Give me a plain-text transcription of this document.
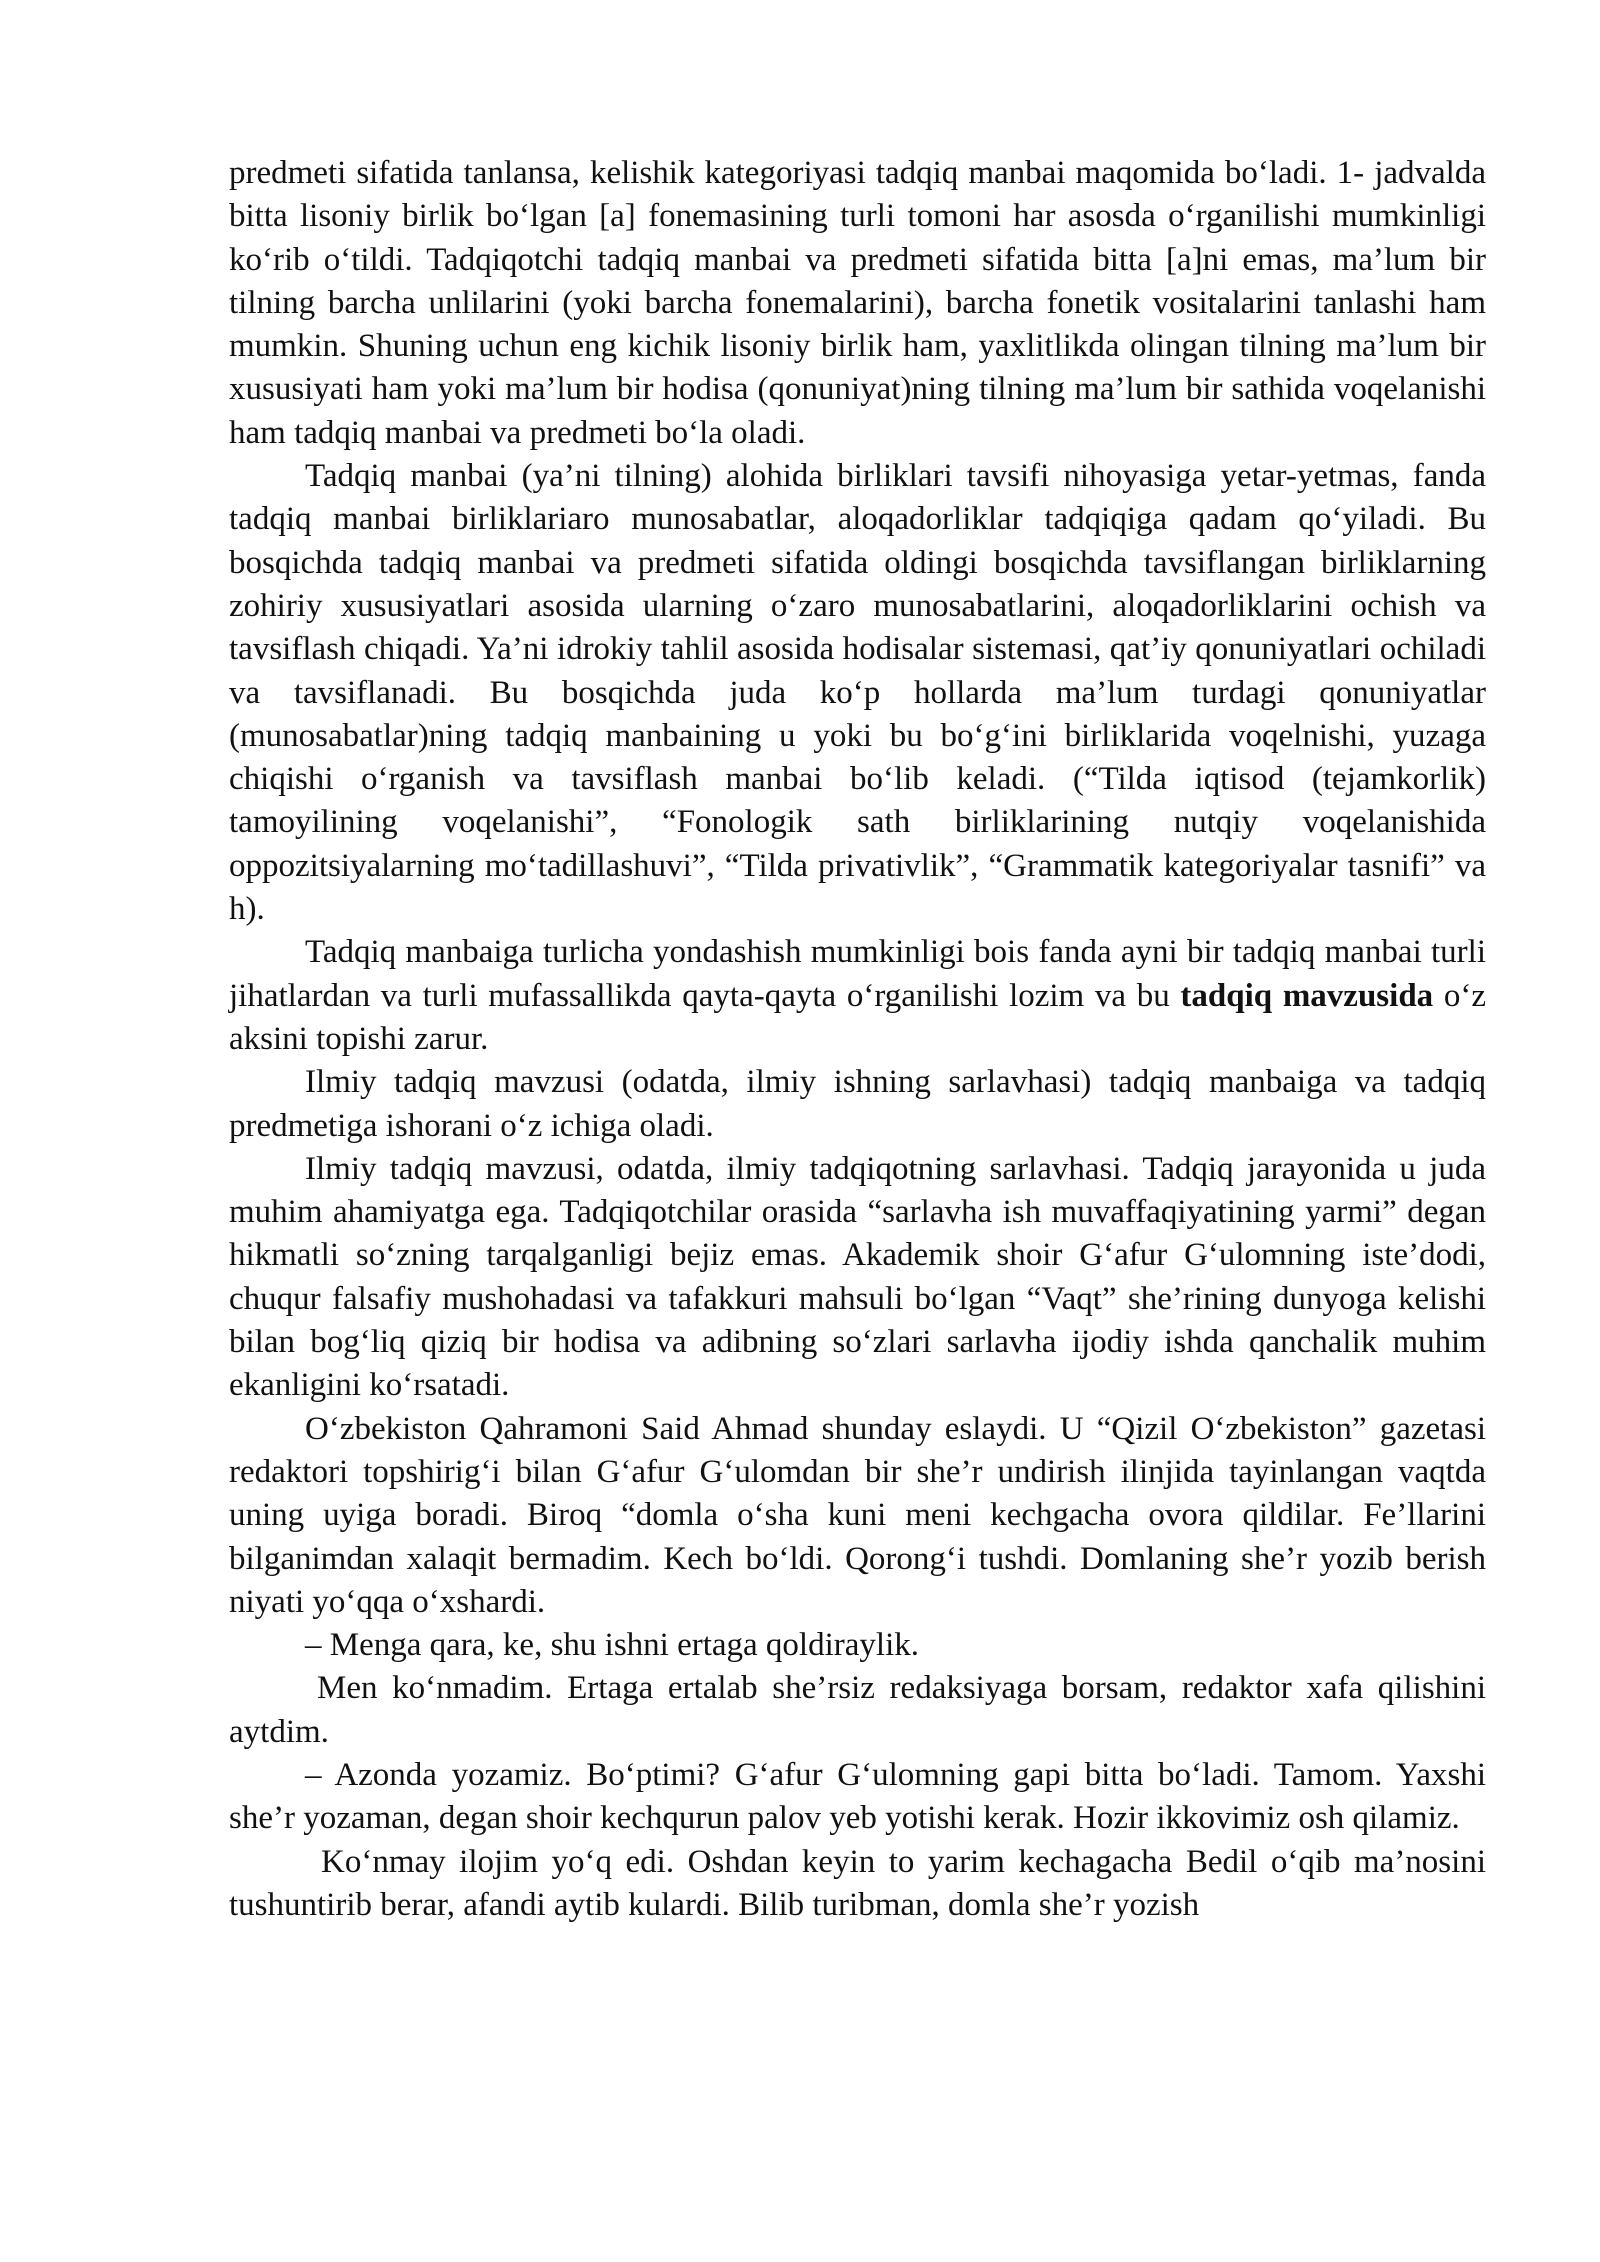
predmeti sifatida tanlansa, kelishik kategoriyasi tadqiq manbai maqomida bo‘ladi. 1- jadvalda bitta lisoniy birlik bo‘lgan [a] fonemasining turli tomoni har asosda o‘rganilishi mumkinligi ko‘rib o‘tildi. Tadqiqotchi tadqiq manbai va predmeti sifatida bitta [a]ni emas, ma’lum bir tilning barcha unlilarini (yoki barcha fonemalarini), barcha fonetik vositalarini tanlashi ham mumkin. Shuning uchun eng kichik lisoniy birlik ham, yaxlitlikda olingan tilning ma’lum bir xususiyati ham yoki ma’lum bir hodisa (qonuniyat)ning tilning ma’lum bir sathida voqelanishi ham tadqiq manbai va predmeti bo‘la oladi.

Tadqiq manbai (ya’ni tilning) alohida birliklari tavsifi nihoyasiga yetar-yetmas, fanda tadqiq manbai birliklariaro munosabatlar, aloqadorliklar tadqiqiga qadam qo‘yiladi. Bu bosqichda tadqiq manbai va predmeti sifatida oldingi bosqichda tavsiflangan birliklarning zohiriy xususiyatlari asosida ularning o‘zaro munosabatlarini, aloqadorliklarini ochish va tavsiflash chiqadi. Ya’ni idrokiy tahlil asosida hodisalar sistemasi, qat’iy qonuniyatlari ochiladi va tavsiflanadi. Bu bosqichda juda ko‘p hollarda ma’lum turdagi qonuniyatlar (munosabatlar)ning tadqiq manbaining u yoki bu bo‘g‘ini birliklarida voqelnishi, yuzaga chiqishi o‘rganish va tavsiflash manbai bo‘lib keladi. (“Tilda iqtisod (tejamkorlik) tamoyilining voqelanishi”, “Fonologik sath birliklarining nutqiy voqelanishida oppozitsiyalarning mo‘tadillashuvi”, “Tilda privativlik”, “Grammatik kategoriyalar tasnifi” va h).

Tadqiq manbaiga turlicha yondashish mumkinligi bois fanda ayni bir tadqiq manbai turli jihatlardan va turli mufassallikda qayta-qayta o‘rganilishi lozim va bu tadqiq mavzusida o‘z aksini topishi zarur.

Ilmiy tadqiq mavzusi (odatda, ilmiy ishning sarlavhasi) tadqiq manbaiga va tadqiq predmetiga ishorani o‘z ichiga oladi.

Ilmiy tadqiq mavzusi, odatda, ilmiy tadqiqotning sarlavhasi. Tadqiq jarayonida u juda muhim ahamiyatga ega. Tadqiqotchilar orasida “sarlavha ish muvaffaqiyatining yarmi” degan hikmatli so‘zning tarqalganligi bejiz emas. Akademik shoir G‘afur G‘ulomning iste’dodi, chuqur falsafiy mushohadasi va tafakkuri mahsuli bo‘lgan “Vaqt” she’rining dunyoga kelishi bilan bog‘liq qiziq bir hodisa va adibning so‘zlari sarlavha ijodiy ishda qanchalik muhim ekanligini ko‘rsatadi.

O‘zbekiston Qahramoni Said Ahmad shunday eslaydi. U “Qizil O‘zbekiston” gazetasi redaktori topshirig‘i bilan G‘afur G‘ulomdan bir she’r undirish ilinjida tayinlangan vaqtda uning uyiga boradi. Biroq “domla o‘sha kuni meni kechgacha ovora qildilar. Fe’llarini bilganimdan xalaqit bermadim. Kech bo‘ldi. Qorong‘i tushdi. Domlaning she’r yozib berish niyati yo‘qqa o‘xshardi.

– Menga qara, ke, shu ishni ertaga qoldiraylik.

Men ko‘nmadim. Ertaga ertalab she’rsiz redaksiyaga borsam, redaktor xafa qilishini aytdim.

– Azonda yozamiz. Bo‘ptimi? G‘afur G‘ulomning gapi bitta bo‘ladi. Tamom. Yaxshi she’r yozaman, degan shoir kechqurun palov yeb yotishi kerak. Hozir ikkovimiz osh qilamiz.

Ko‘nmay ilojim yo‘q edi. Oshdan keyin to yarim kechagacha Bedil o‘qib ma’nosini tushuntirib berar, afandi aytib kulardi. Bilib turibman, domla she’r yozish
